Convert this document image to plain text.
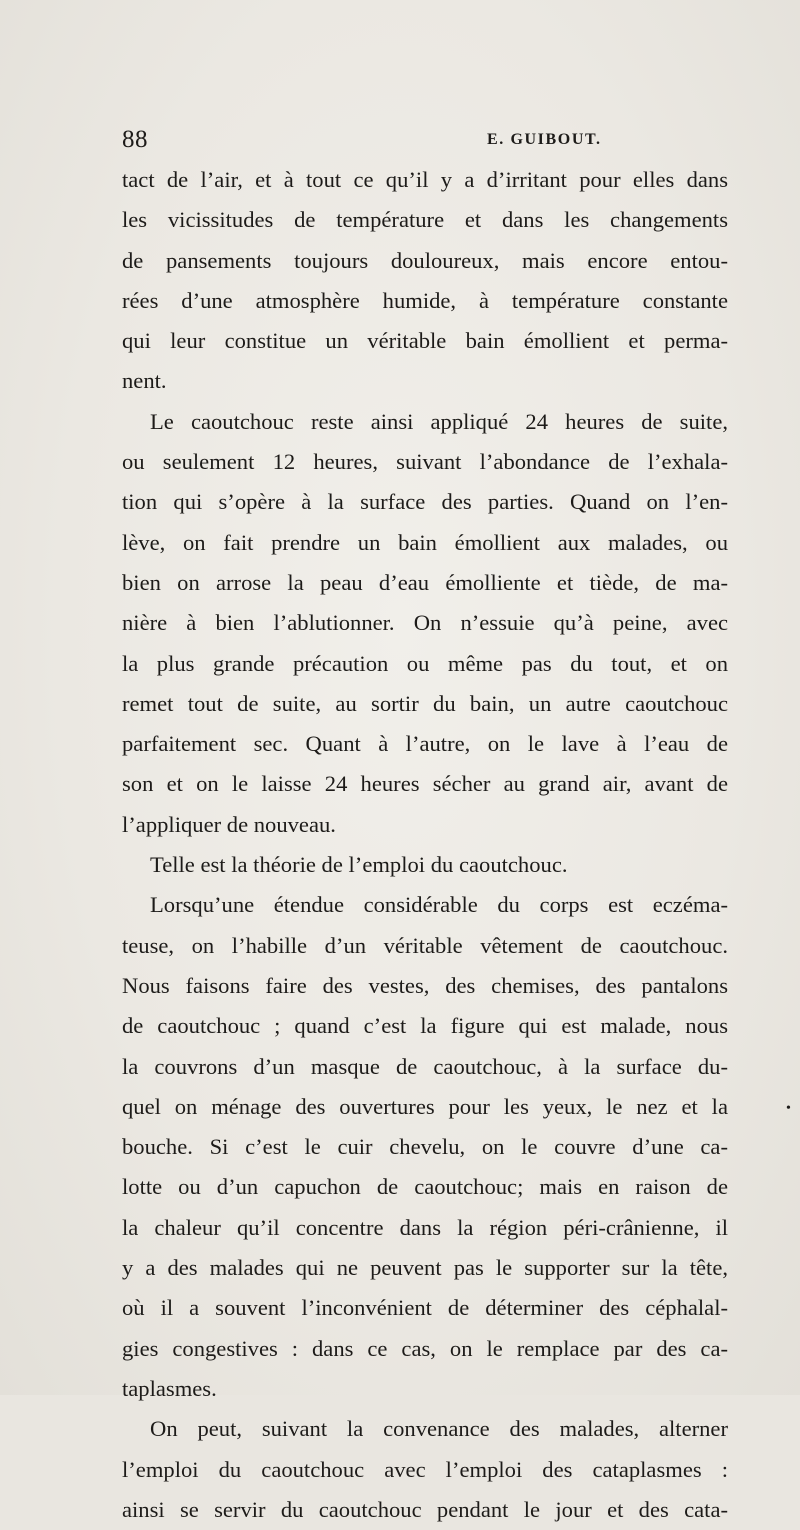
88	E. GUIBOUT.
tact de l’air, et à tout ce qu’il y a d’irritant pour elles dans
les vicissitudes de température et dans les changements
de pansements toujours douloureux, mais encore entou-
rées d’une atmosphère humide, à température constante
qui leur constitue un véritable bain émollient et perma-
nent.
Le caoutchouc reste ainsi appliqué 24 heures de suite,
ou seulement 12 heures, suivant l’abondance de l’exhala-
tion qui s’opère à la surface des parties. Quand on l’en-
lève, on fait prendre un bain émollient aux malades, ou
bien on arrose la peau d’eau émolliente et tiède, de ma-
nière à bien l’ablutionner. On n’essuie qu’à peine, avec
la plus grande précaution ou même pas du tout, et on
remet tout de suite, au sortir du bain, un autre caoutchouc
parfaitement sec. Quant à l’autre, on le lave à l’eau de
son et on le laisse 24 heures sécher au grand air, avant de
l’appliquer de nouveau.
Telle est la théorie de l’emploi du caoutchouc.
Lorsqu’une étendue considérable du corps est eczéma-
teuse, on l’habille d’un véritable vêtement de caoutchouc.
Nous faisons faire des vestes, des chemises, des pantalons
de caoutchouc ; quand c’est la figure qui est malade, nous
la couvrons d’un masque de caoutchouc, à la surface du-
quel on ménage des ouvertures pour les yeux, le nez et la
bouche. Si c’est le cuir chevelu, on le couvre d’une ca-
lotte ou d’un capuchon de caoutchouc; mais en raison de
la chaleur qu’il concentre dans la région péri-crânienne, il
y a des malades qui ne peuvent pas le supporter sur la tête,
où il a souvent l’inconvénient de déterminer des céphalal-
gies congestives : dans ce cas, on le remplace par des ca-
taplasmes.
On peut, suivant la convenance des malades, alterner
l’emploi du caoutchouc avec l’emploi des cataplasmes :
ainsi se servir du caoutchouc pendant le jour et des cata-
•
